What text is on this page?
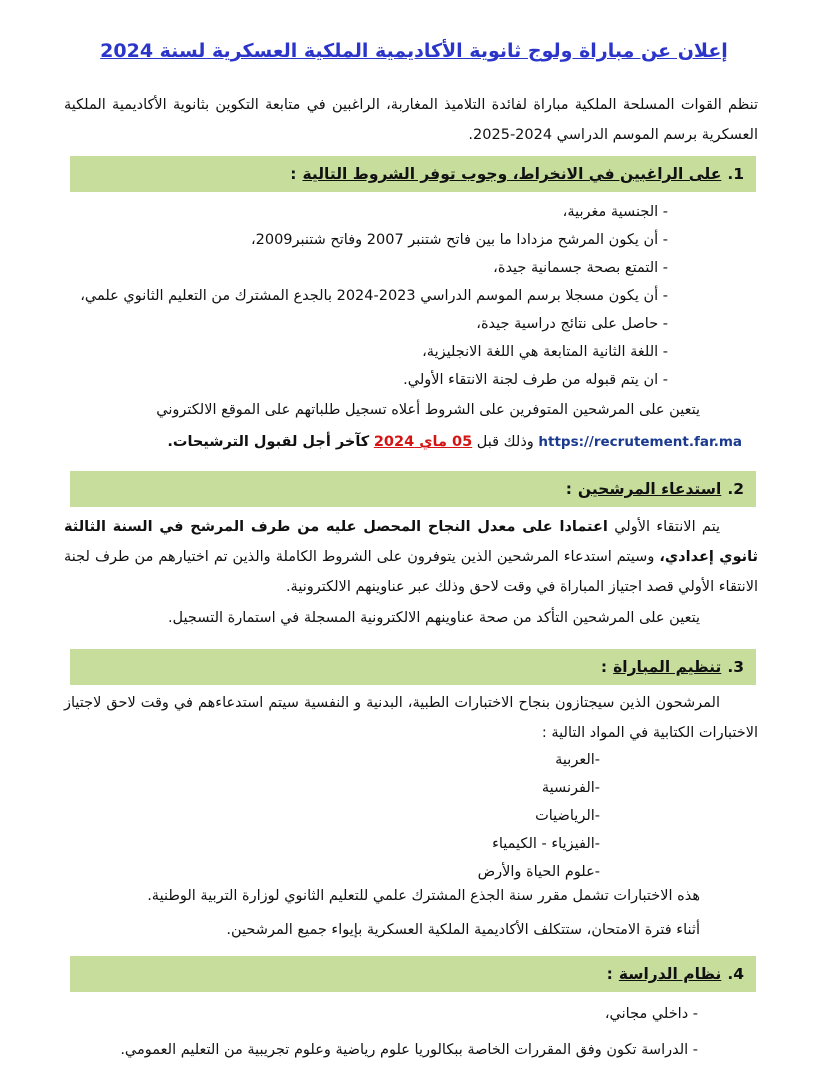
إعلان عن مباراة ولوج ثانوية الأكاديمية الملكية العسكرية لسنة 2024
تنظم القوات المسلحة الملكية مباراة لفائدة التلاميذ المغاربة، الراغبين في متابعة التكوين بثانوية الأكاديمية الملكية العسكرية برسم الموسم الدراسي 2024-2025.
1.
على الراغبين في الانخراط، وجوب توفر الشروط التالية
:
- الجنسية مغربية،
- أن يكون المرشح مزدادا ما بين فاتح شتنبر 2007 وفاتح شتنبر2009،
- التمتع بصحة جسمانية جيدة،
- أن يكون مسجلا برسم الموسم الدراسي 2023-2024 بالجدع المشترك من التعليم الثانوي علمي،
- حاصل على نتائج دراسية جيدة،
- اللغة الثانية المتابعة هي اللغة الانجليزية،
- ان يتم قبوله من طرف لجنة الانتقاء الأولي.
يتعين على المرشحين المتوفرين على الشروط أعلاه تسجيل طلباتهم على الموقع الالكتروني
https://recrutement.far.ma وذلك قبل 05 ماي 2024 كآخر أجل لقبول الترشيحات.
2.
استدعاء المرشحين
:
يتم الانتقاء الأولي اعتمادا على معدل النجاح المحصل عليه من طرف المرشح في السنة الثالثة ثانوي إعدادي، وسيتم استدعاء المرشحين الذين يتوفرون على الشروط الكاملة والذين تم اختيارهم من طرف لجنة الانتقاء الأولي قصد اجتياز المباراة في وقت لاحق وذلك عبر عناوينهم الالكترونية.
يتعين على المرشحين التأكد من صحة عناوينهم الالكترونية المسجلة في استمارة التسجيل.
3.
تنظيم المباراة
:
المرشحون الذين سيجتازون بنجاح الاختبارات الطبية، البدنية و النفسية سيتم استدعاءهم في وقت لاحق لاجتياز الاختبارات الكتابية في المواد التالية :
-العربية
-الفرنسية
-الرياضيات
-الفيزياء - الكيمياء
-علوم الحياة والأرض
هذه الاختبارات تشمل مقرر سنة الجذع المشترك علمي للتعليم الثانوي لوزارة التربية الوطنية.
أثناء فترة الامتحان، ستتكلف الأكاديمية الملكية العسكرية بإيواء جميع المرشحين.
4.
نظام الدراسة
:
- داخلي مجاني،
- الدراسة تكون وفق المقررات الخاصة ببكالوريا علوم رياضية وعلوم تجريبية من التعليم العمومي.
